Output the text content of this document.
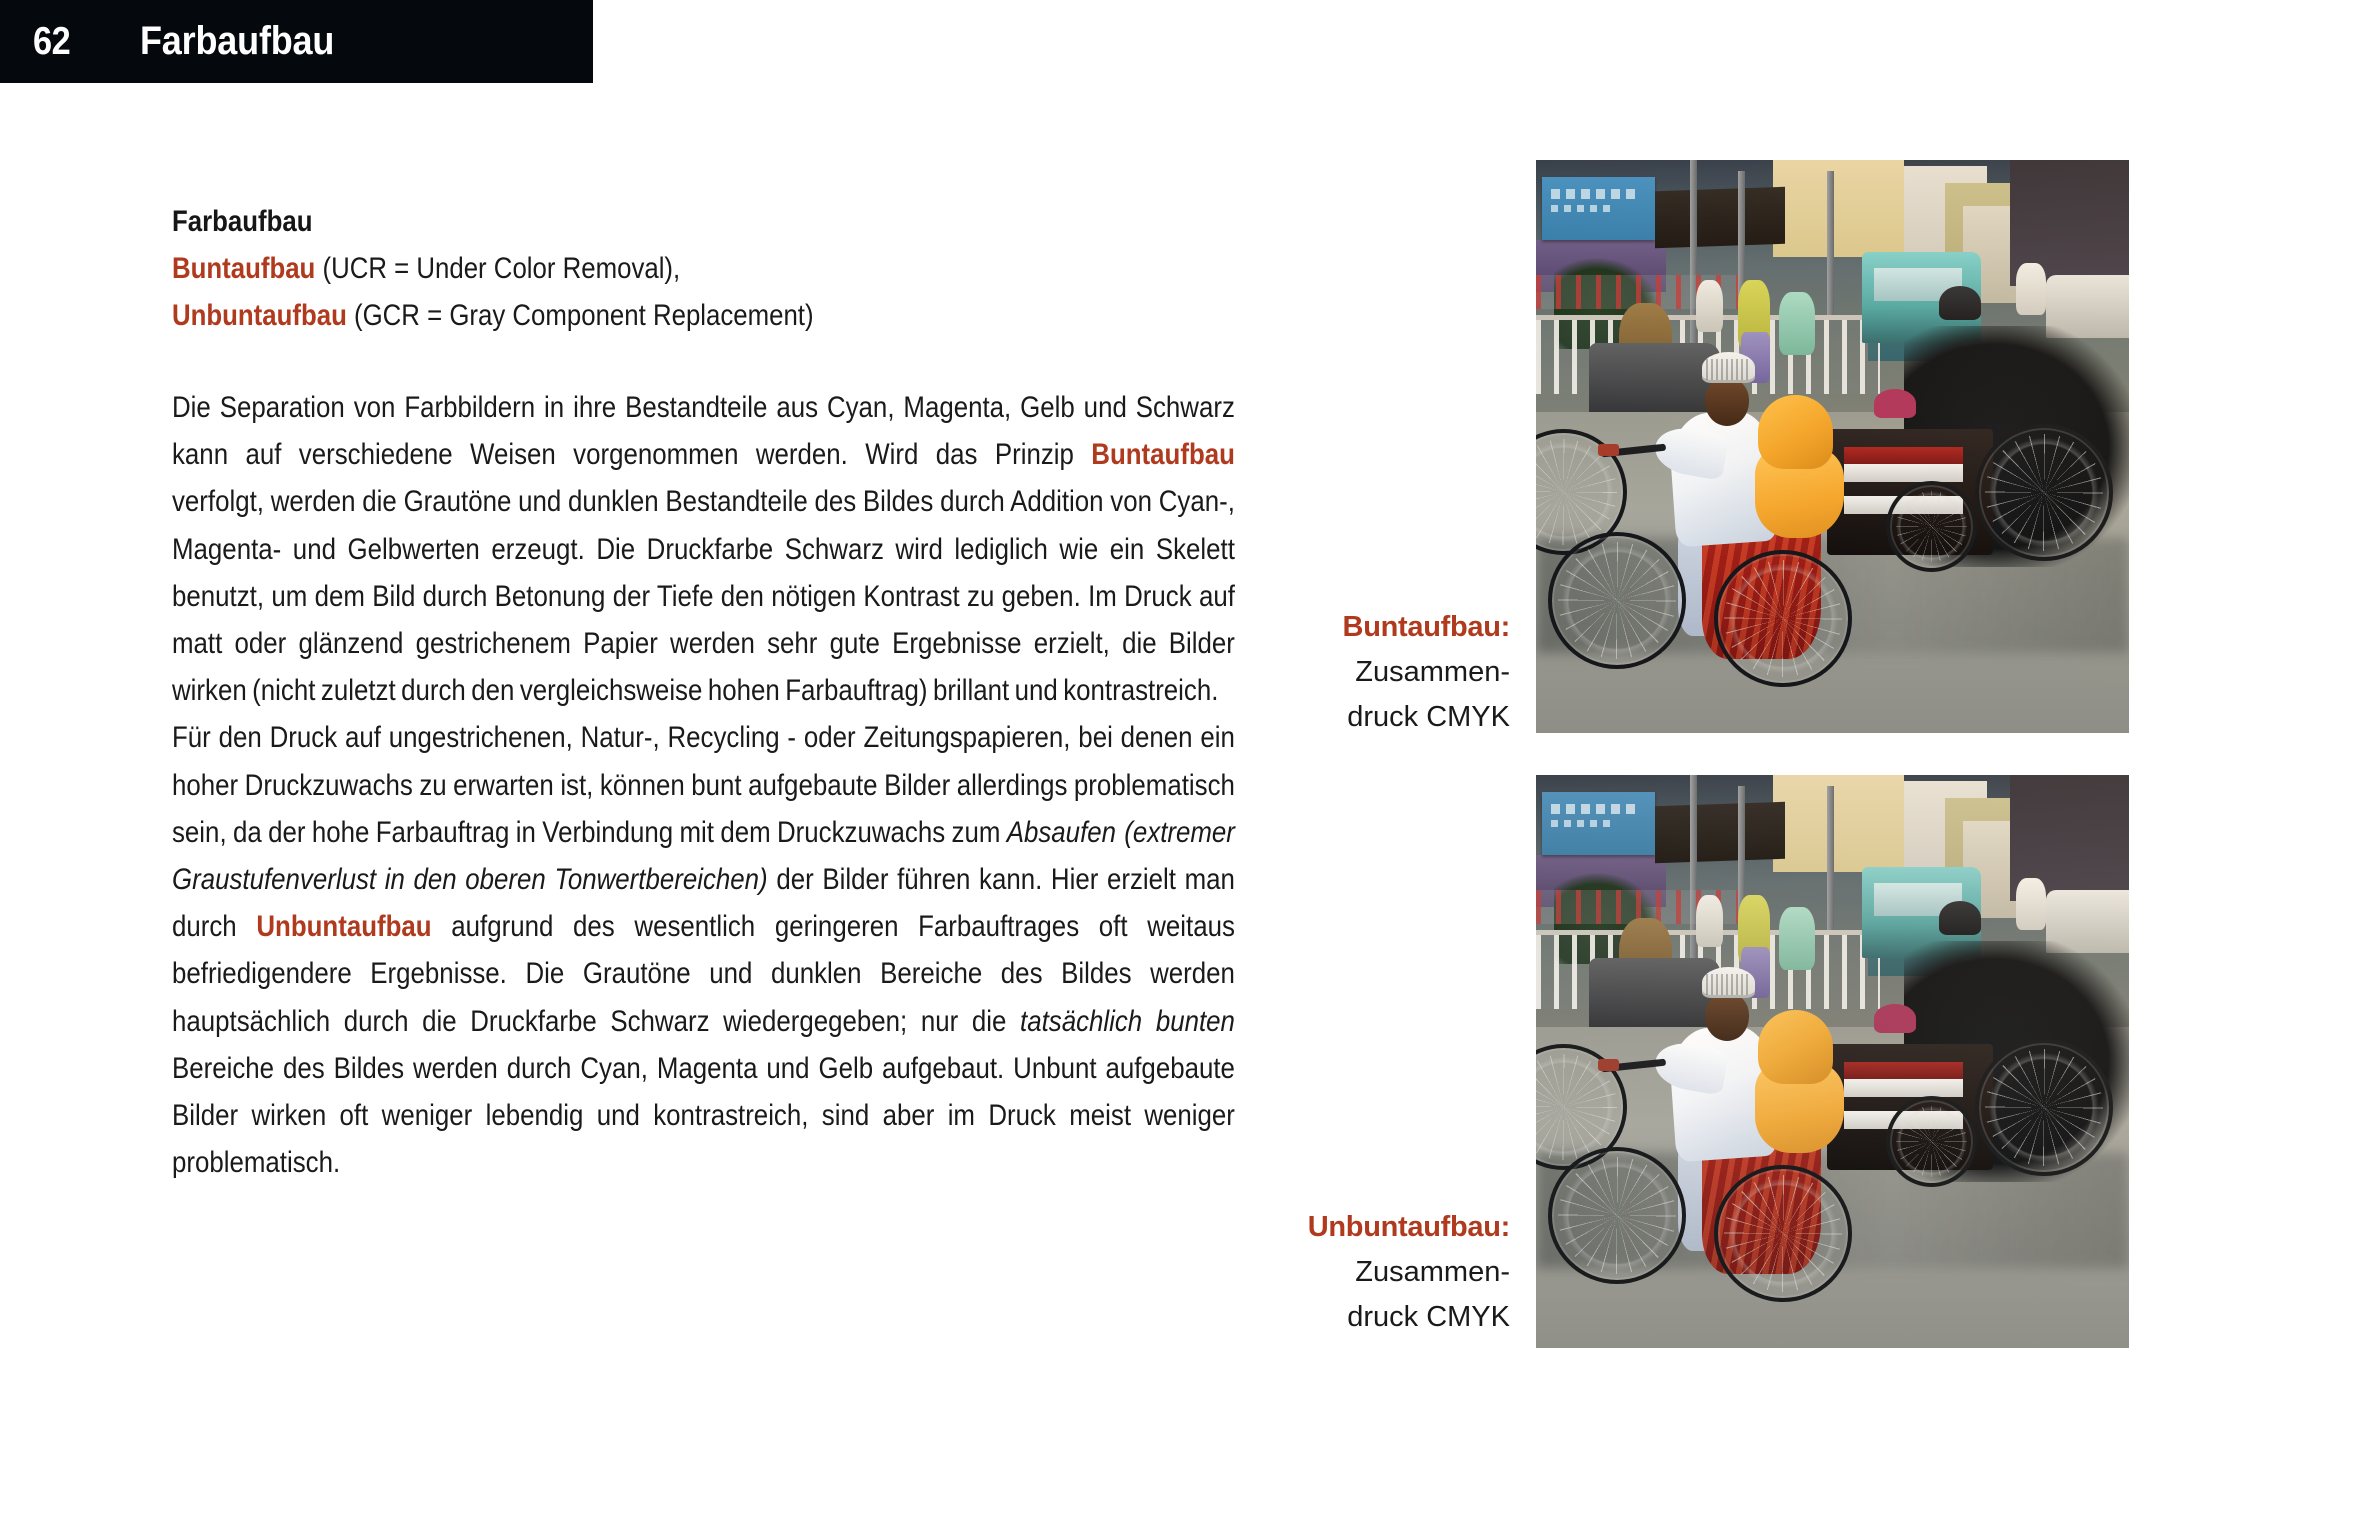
62 Farbaufbau
Farbaufbau
Buntaufbau (UCR = Under Color Removal),
Unbuntaufbau (GCR = Gray Component Replacement)

Die Separation von Farbbildern in ihre Bestandteile aus Cyan, Magenta, Gelb und Schwarz kann auf verschiedene Weisen vorgenommen werden. Wird das Prinzip Buntaufbau verfolgt, werden die Grautöne und dunklen Bestandteile des Bildes durch Addition von Cyan-, Magenta- und Gelbwerten erzeugt. Die Druckfarbe Schwarz wird lediglich wie ein Skelett benutzt, um dem Bild durch Betonung der Tiefe den nötigen Kontrast zu geben. Im Druck auf matt oder glänzend gestrichenem Papier werden sehr gute Ergebnisse erzielt, die Bilder wirken (nicht zuletzt durch den vergleichsweise hohen Farbauftrag) brillant und kontrastreich.

Für den Druck auf ungestrichenen, Natur-, Recycling - oder Zeitungspapieren, bei denen ein hoher Druckzuwachs zu erwarten ist, können bunt aufgebaute Bilder allerdings problematisch sein, da der hohe Farbauftrag in Verbindung mit dem Druckzuwachs zum Absaufen (extremer Graustufenverlust in den oberen Tonwertbereichen) der Bilder führen kann. Hier erzielt man durch Unbuntaufbau aufgrund des wesentlich geringeren Farbauftrages oft weitaus befriedigendere Ergebnisse. Die Grautöne und dunklen Bereiche des Bildes werden hauptsächlich durch die Druckfarbe Schwarz wiedergegeben; nur die tatsächlich bunten Bereiche des Bildes werden durch Cyan, Magenta und Gelb aufgebaut. Unbunt aufgebaute Bilder wirken oft weniger lebendig und kontrastreich, sind aber im Druck meist weniger problematisch.

Buntaufbau:
Zusammen-
druck CMYK
Unbuntaufbau:
Zusammen-
druck CMYK
